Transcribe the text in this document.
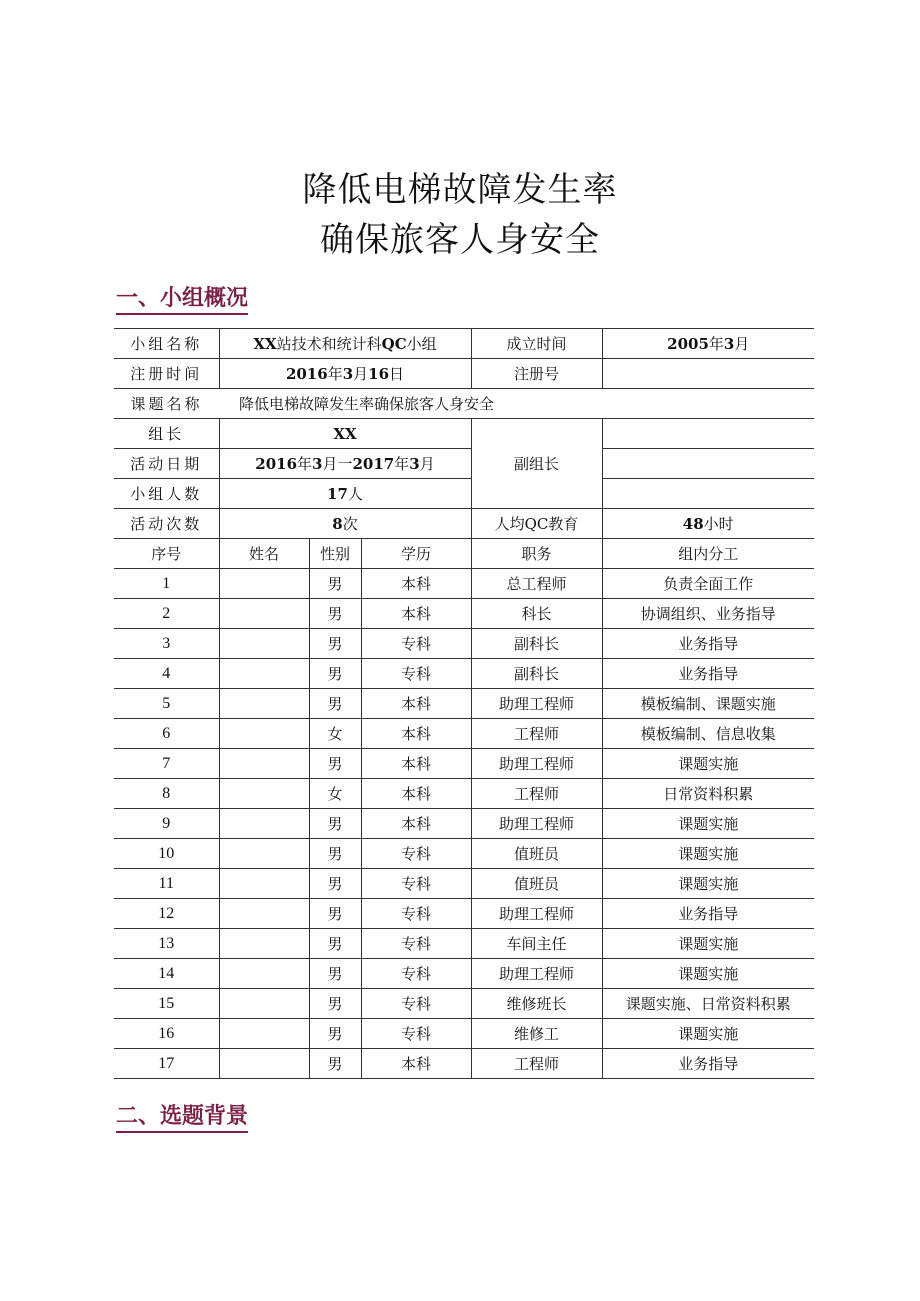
降低电梯故障发生率
确保旅客人身安全
一、小组概况
小组名称	XX站技术和统计科QC小组			成立时间	2005年3月
注册时间	2016年3月16日			注册号	
课题名称	降低电梯故障发生率确保旅客人身安全				
组长	XX			副组长	
活动日期	2016年3月一2017年3月				
小组人数	17人				
活动次数	8次			人均QC教育	48小时
序号	姓名	性别	学历	职务	组内分工
1		男	本科	总工程师	负责全面工作
2		男	本科	科长	协调组织、业务指导
3		男	专科	副科长	业务指导
4		男	专科	副科长	业务指导
5		男	本科	助理工程师	模板编制、课题实施
6		女	本科	工程师	模板编制、信息收集
7		男	本科	助理工程师	课题实施
8		女	本科	工程师	日常资料积累
9		男	本科	助理工程师	课题实施
10		男	专科	值班员	课题实施
11		男	专科	值班员	课题实施
12		男	专科	助理工程师	业务指导
13		男	专科	车间主任	课题实施
14		男	专科	助理工程师	课题实施
15		男	专科	维修班长	课题实施、日常资料积累
16		男	专科	维修工	课题实施
17		男	本科	工程师	业务指导
二、选题背景
